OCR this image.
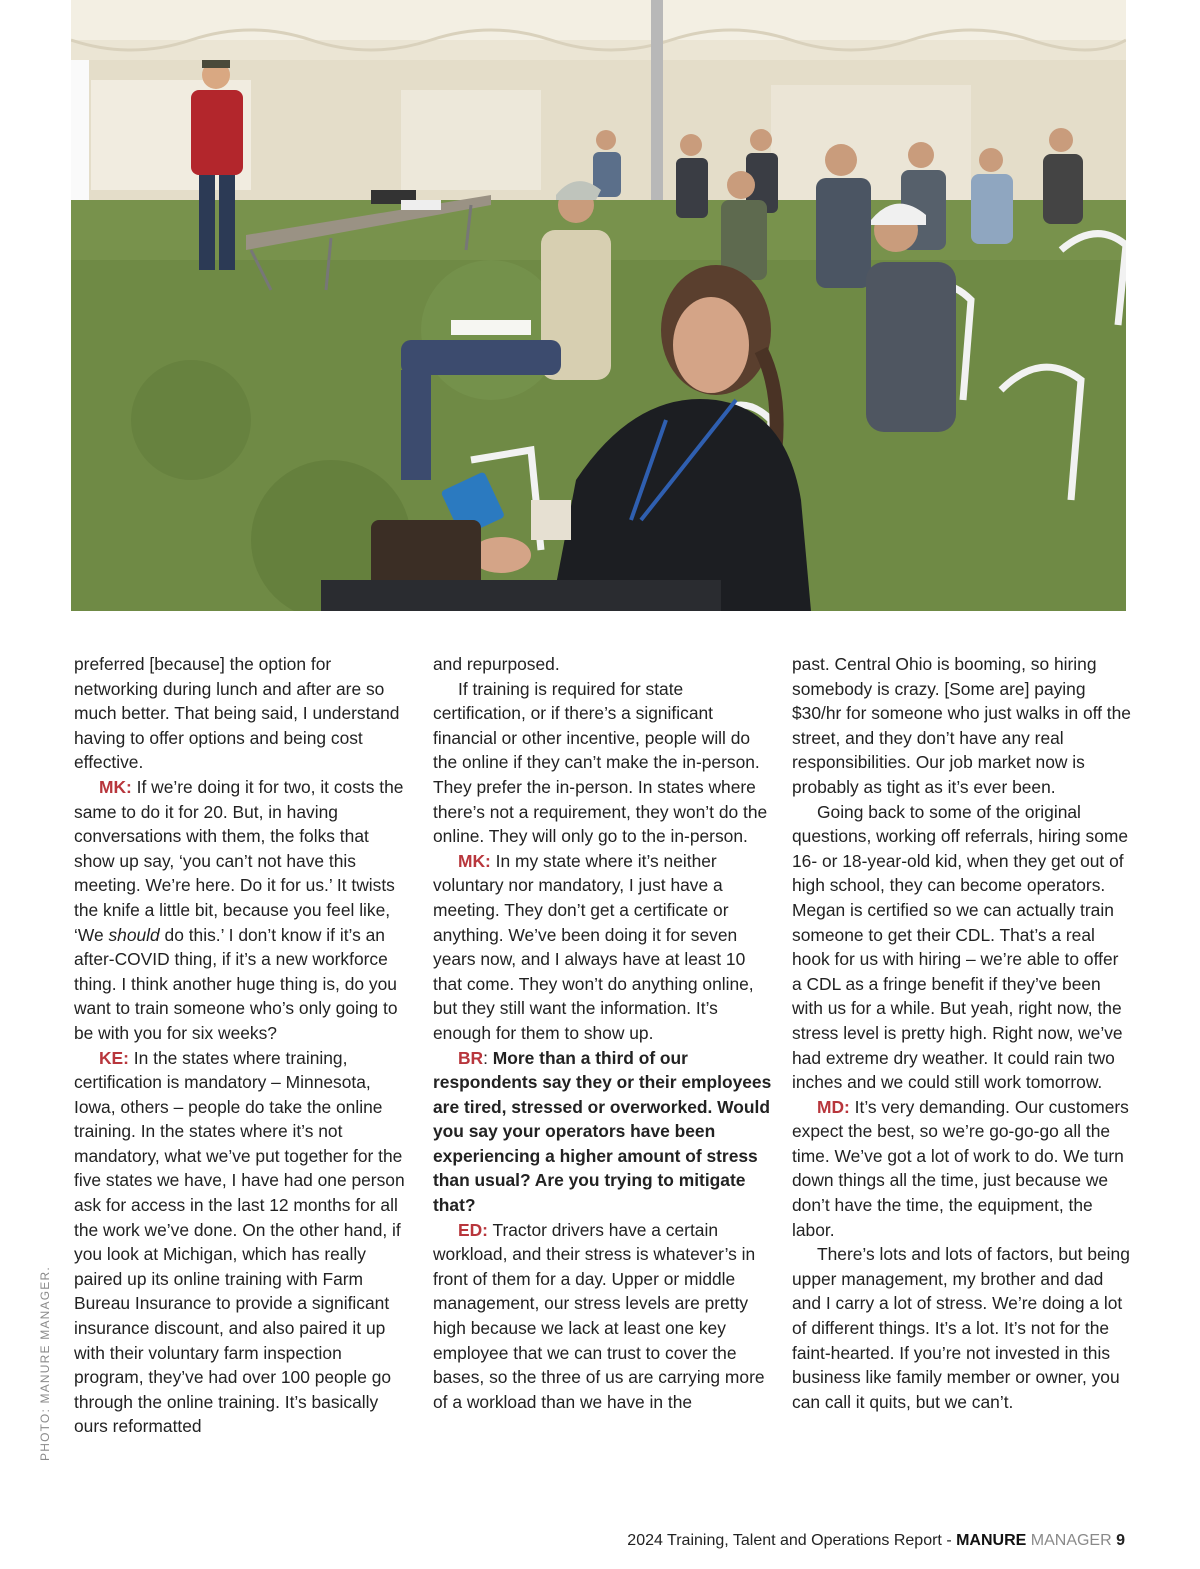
PHOTO: MANURE MANAGER.

preferred [because] the option for networking during lunch and after are so much better. That being said, I understand having to offer options and being cost effective.

MK: If we’re doing it for two, it costs the same to do it for 20. But, in having conversations with them, the folks that show up say, ‘you can’t not have this meeting. We’re here. Do it for us.’ It twists the knife a little bit, because you feel like, ‘We should do this.’ I don’t know if it’s an after-COVID thing, if it’s a new workforce thing. I think another huge thing is, do you want to train someone who’s only going to be with you for six weeks?

KE: In the states where training, certification is mandatory – Minnesota, Iowa, others – people do take the online training. In the states where it’s not mandatory, what we’ve put together for the five states we have, I have had one person ask for access in the last 12 months for all the work we’ve done. On the other hand, if you look at Michigan, which has really paired up its online training with Farm Bureau Insurance to provide a significant insurance discount, and also paired it up with their voluntary farm inspection program, they’ve had over 100 people go through the online training. It’s basically ours reformatted

and repurposed.

If training is required for state certification, or if there’s a significant financial or other incentive, people will do the online if they can’t make the in-person. They prefer the in-person. In states where there’s not a requirement, they won’t do the online. They will only go to the in-person.

MK: In my state where it’s neither voluntary nor mandatory, I just have a meeting. They don’t get a certificate or anything. We’ve been doing it for seven years now, and I always have at least 10 that come. They won’t do anything online, but they still want the information. It’s enough for them to show up.

BR: More than a third of our respondents say they or their employees are tired, stressed or overworked. Would you say your operators have been experiencing a higher amount of stress than usual? Are you trying to mitigate that?

ED: Tractor drivers have a certain workload, and their stress is whatever’s in front of them for a day. Upper or middle management, our stress levels are pretty high because we lack at least one key employee that we can trust to cover the bases, so the three of us are carrying more of a workload than we have in the

past. Central Ohio is booming, so hiring somebody is crazy. [Some are] paying $30/hr for someone who just walks in off the street, and they don’t have any real responsibilities. Our job market now is probably as tight as it’s ever been.

Going back to some of the original questions, working off referrals, hiring some 16- or 18-year-old kid, when they get out of high school, they can become operators. Megan is certified so we can actually train someone to get their CDL. That’s a real hook for us with hiring – we’re able to offer a CDL as a fringe benefit if they’ve been with us for a while. But yeah, right now, the stress level is pretty high. Right now, we’ve had extreme dry weather. It could rain two inches and we could still work tomorrow.

MD: It’s very demanding. Our customers expect the best, so we’re go-go-go all the time. We’ve got a lot of work to do. We turn down things all the time, just because we don’t have the time, the equipment, the labor.

There’s lots and lots of factors, but being upper management, my brother and dad and I carry a lot of stress. We’re doing a lot of different things. It’s a lot. It’s not for the faint-hearted. If you’re not invested in this business like family member or owner, you can call it quits, but we can’t.

2024 Training, Talent and Operations Report - MANURE MANAGER 9
